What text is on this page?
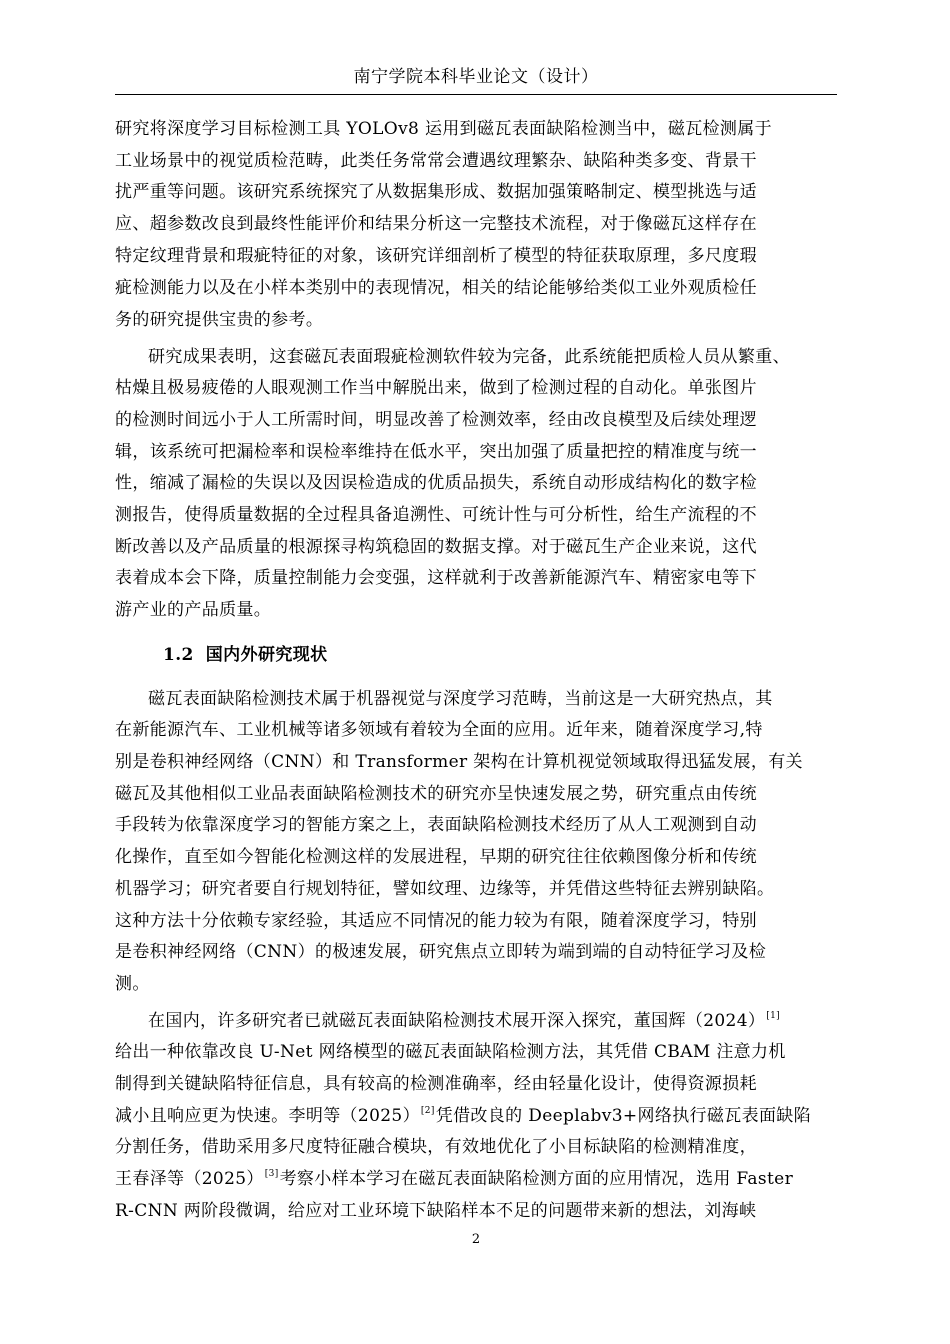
南宁学院本科毕业论文（设计）
研究将深度学习目标检测工具 YOLOv8 运用到磁瓦表面缺陷检测当中，磁瓦检测属于
工业场景中的视觉质检范畴，此类任务常常会遭遇纹理繁杂、缺陷种类多变、背景干
扰严重等问题。该研究系统探究了从数据集形成、数据加强策略制定、模型挑选与适
应、超参数改良到最终性能评价和结果分析这一完整技术流程，对于像磁瓦这样存在
特定纹理背景和瑕疵特征的对象，该研究详细剖析了模型的特征获取原理，多尺度瑕
疵检测能力以及在小样本类别中的表现情况，相关的结论能够给类似工业外观质检任
务的研究提供宝贵的参考。
研究成果表明，这套磁瓦表面瑕疵检测软件较为完备，此系统能把质检人员从繁重、
枯燥且极易疲倦的人眼观测工作当中解脱出来，做到了检测过程的自动化。单张图片
的检测时间远小于人工所需时间，明显改善了检测效率，经由改良模型及后续处理逻
辑，该系统可把漏检率和误检率维持在低水平，突出加强了质量把控的精准度与统一
性，缩减了漏检的失误以及因误检造成的优质品损失，系统自动形成结构化的数字检
测报告，使得质量数据的全过程具备追溯性、可统计性与可分析性，给生产流程的不
断改善以及产品质量的根源探寻构筑稳固的数据支撑。对于磁瓦生产企业来说，这代
表着成本会下降，质量控制能力会变强，这样就利于改善新能源汽车、精密家电等下
游产业的产品质量。
1.2 国内外研究现状
磁瓦表面缺陷检测技术属于机器视觉与深度学习范畴，当前这是一大研究热点，其
在新能源汽车、工业机械等诸多领域有着较为全面的应用。近年来，随着深度学习,特
别是卷积神经网络（CNN）和 Transformer 架构在计算机视觉领域取得迅猛发展，有关
磁瓦及其他相似工业品表面缺陷检测技术的研究亦呈快速发展之势，研究重点由传统
手段转为依靠深度学习的智能方案之上，表面缺陷检测技术经历了从人工观测到自动
化操作，直至如今智能化检测这样的发展进程，早期的研究往往依赖图像分析和传统
机器学习；研究者要自行规划特征，譬如纹理、边缘等，并凭借这些特征去辨别缺陷。
这种方法十分依赖专家经验，其适应不同情况的能力较为有限，随着深度学习，特别
是卷积神经网络（CNN）的极速发展，研究焦点立即转为端到端的自动特征学习及检
测。
在国内，许多研究者已就磁瓦表面缺陷检测技术展开深入探究，董国辉（2024）[1]
给出一种依靠改良 U-Net 网络模型的磁瓦表面缺陷检测方法，其凭借 CBAM 注意力机
制得到关键缺陷特征信息，具有较高的检测准确率，经由轻量化设计，使得资源损耗
减小且响应更为快速。李明等（2025）[2]凭借改良的 Deeplabv3+网络执行磁瓦表面缺陷
分割任务，借助采用多尺度特征融合模块，有效地优化了小目标缺陷的检测精准度，
王春泽等（2025）[3]考察小样本学习在磁瓦表面缺陷检测方面的应用情况，选用 Faster
R-CNN 两阶段微调，给应对工业环境下缺陷样本不足的问题带来新的想法，刘海峡
2
